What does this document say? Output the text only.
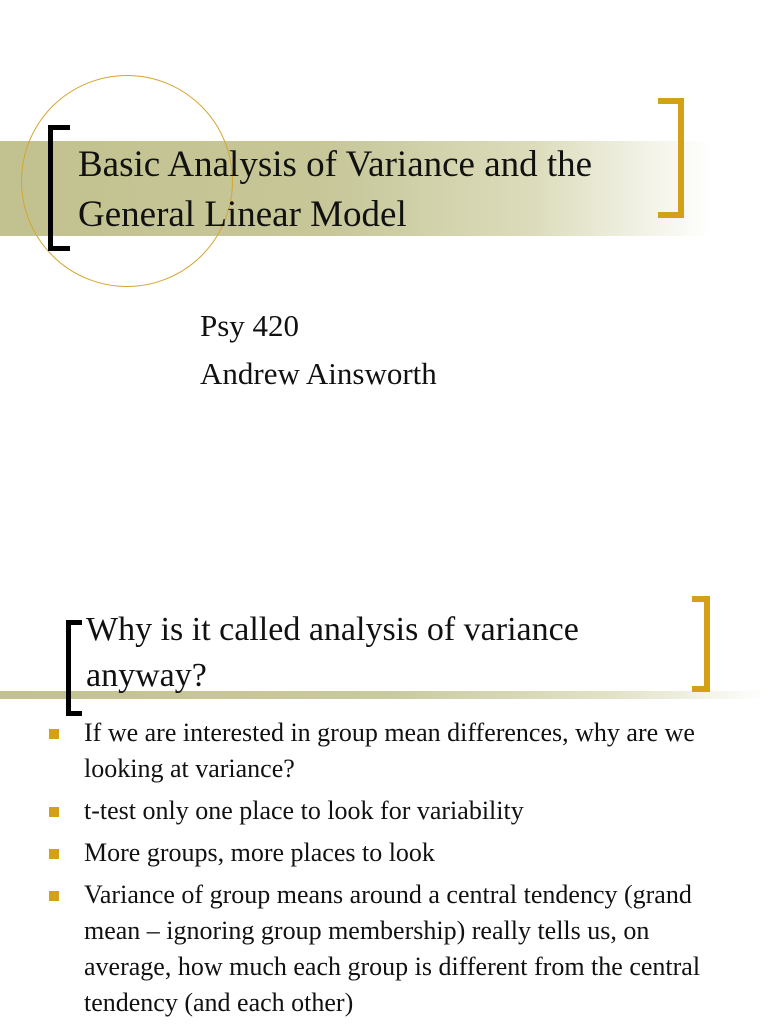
Basic Analysis of Variance and the General Linear Model
Psy 420
Andrew Ainsworth
Why is it called analysis of variance anyway?
If we are interested in group mean differences, why are we looking at variance?
t-test only one place to look for variability
More groups, more places to look
Variance of group means around a central tendency (grand mean – ignoring group membership) really tells us, on average, how much each group is different from the central tendency (and each other)
